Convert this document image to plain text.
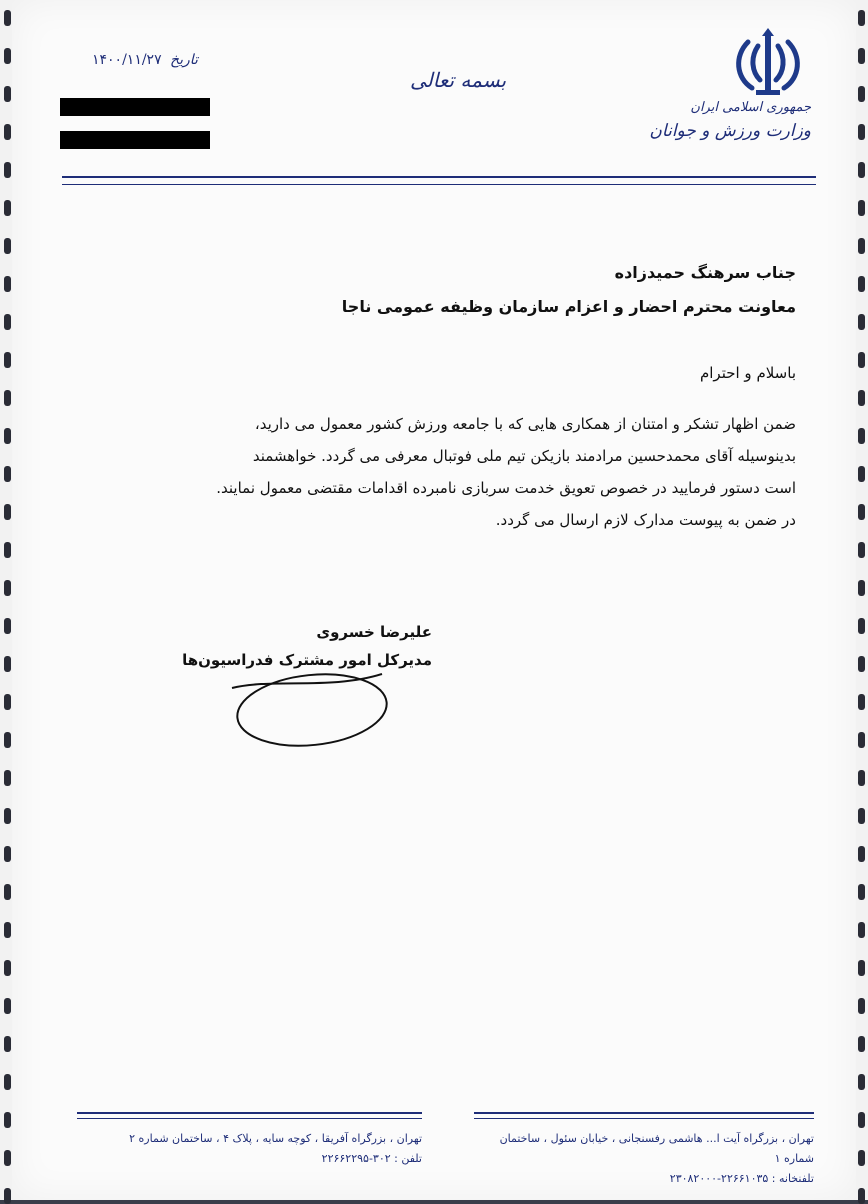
جمهوری اسلامی ایران
وزارت ورزش و جوانان
بسمه تعالی
تاریخ ۱۴۰۰/۱۱/۲۷
جناب سرهنگ حمیدزاده
معاونت محترم احضار و اعزام سازمان وظیفه عمومی ناجا
باسلام و احترام
ضمن اظهار تشکر و امتنان از همکاری هایی که با جامعه ورزش کشور معمول می دارید،
بدینوسیله آقای محمدحسین مرادمند بازیکن تیم ملی فوتبال معرفی می گردد. خواهشمند
است دستور فرمایید در خصوص تعویق خدمت سربازی نامبرده اقدامات مقتضی معمول نمایند.
در ضمن به پیوست مدارک لازم ارسال می گردد.
علیرضا خسروی
مدیرکل امور مشترک فدراسیون‌ها
تهران ، بزرگراه آیت ا... هاشمی رفسنجانی ، خیابان سئول ، ساختمان شماره ۱
تلفنخانه : ۲۲۶۶۱۰۳۵-۲۳۰۸۲۰۰۰
تهران ، بزرگراه آفریقا ، کوچه سایه ، پلاک ۴ ، ساختمان شماره ۲
تلفن : ۳۰۲-۲۲۶۶۲۲۹۵
